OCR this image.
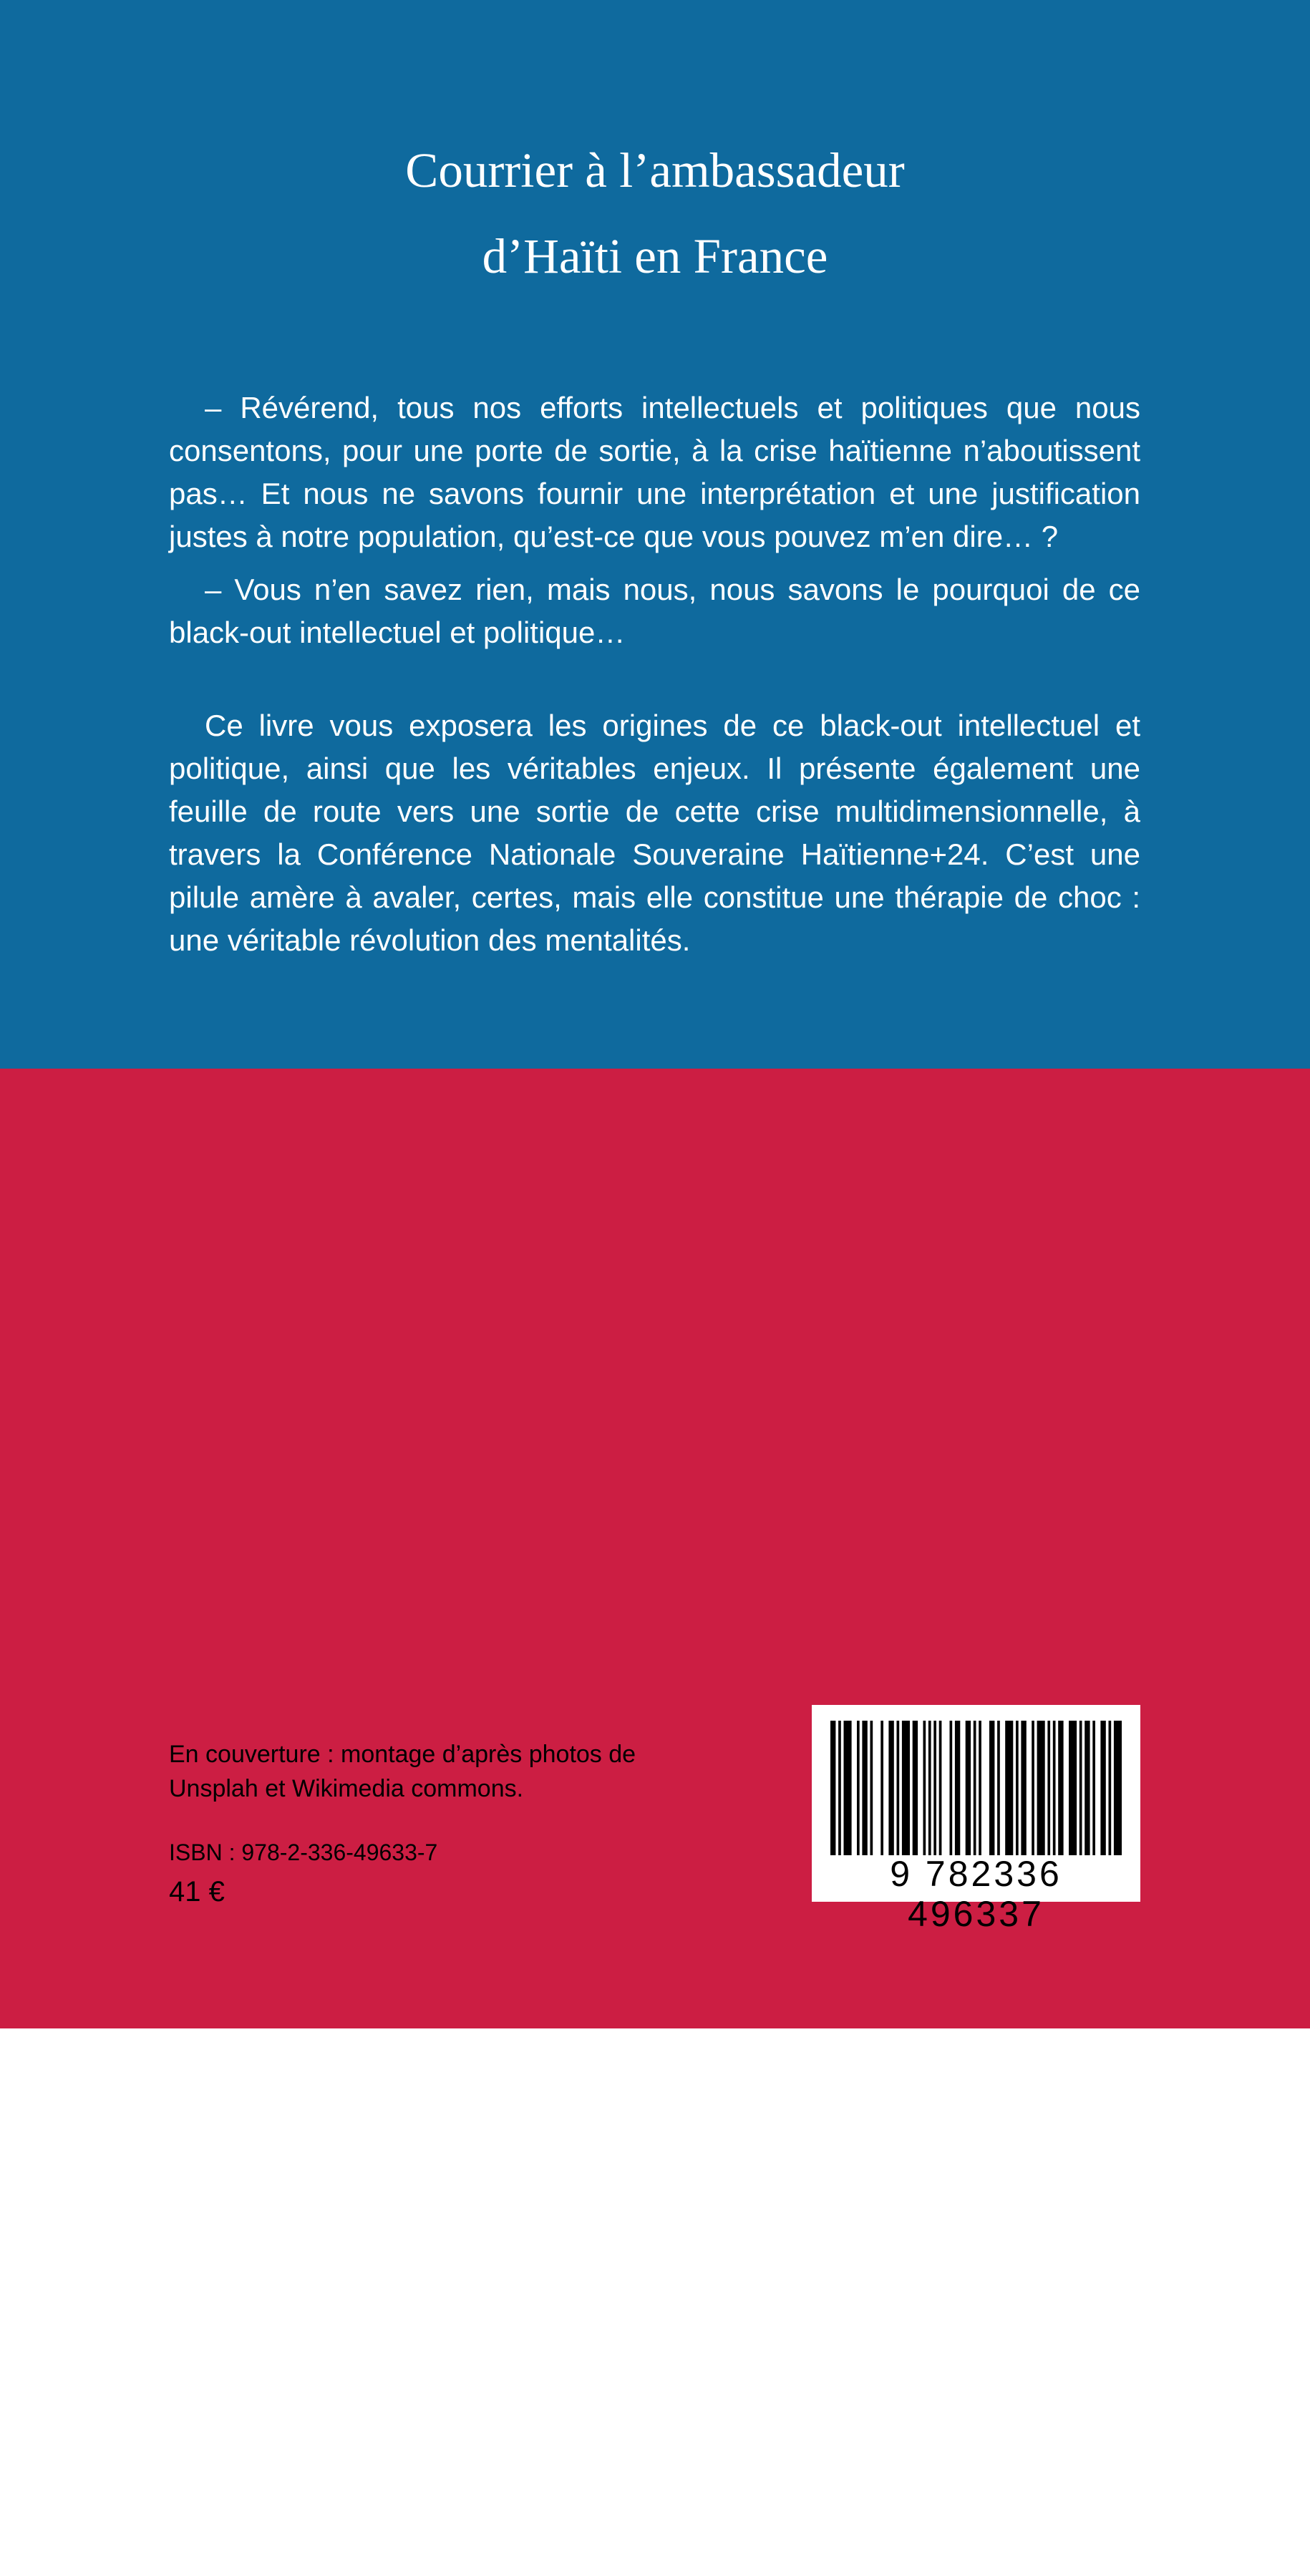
Courrier à l’ambassadeur
d’Haïti en France

– Révérend, tous nos efforts intellectuels et politiques que nous consentons, pour une porte de sortie, à la crise haïtienne n’aboutissent pas… Et nous ne savons fournir une interprétation et une justification justes à notre population, qu’est-ce que vous pouvez m’en dire… ?

– Vous n’en savez rien, mais nous, nous savons le pourquoi de ce black-out intellectuel et politique…

Ce livre vous exposera les origines de ce black-out intellectuel et politique, ainsi que les véritables enjeux. Il présente également une feuille de route vers une sortie de cette crise multidimensionnelle, à travers la Conférence Nationale Souveraine Haïtienne+24. C’est une pilule amère à avaler, certes, mais elle constitue une thérapie de choc : une véritable révolution des mentalités.

Gaston Mahoungou, né à Kinanga (Bouenza), est un auteur prolifique avec plus de 150 ouvrages religieux et politiques. Prédicateur de l’Évangile Éternel et ministre du Rétablissement de toutes choses, il préside l’ASAD (Association Sauvons l’Afrique Des Dangers). Il milite pour l’internationalisation du Mouvement des Conférences Nationales Souveraines+24, notamment en Afrique subsaharienne, dans les régions afro-caribéennes, latino-américaines, européennes et asiatiques en quête de démocratie participative.

En couverture : montage d’après photos de
Unsplah et Wikimedia commons.
ISBN : 978-2-336-49633-7
41 €	9 782336 496337
